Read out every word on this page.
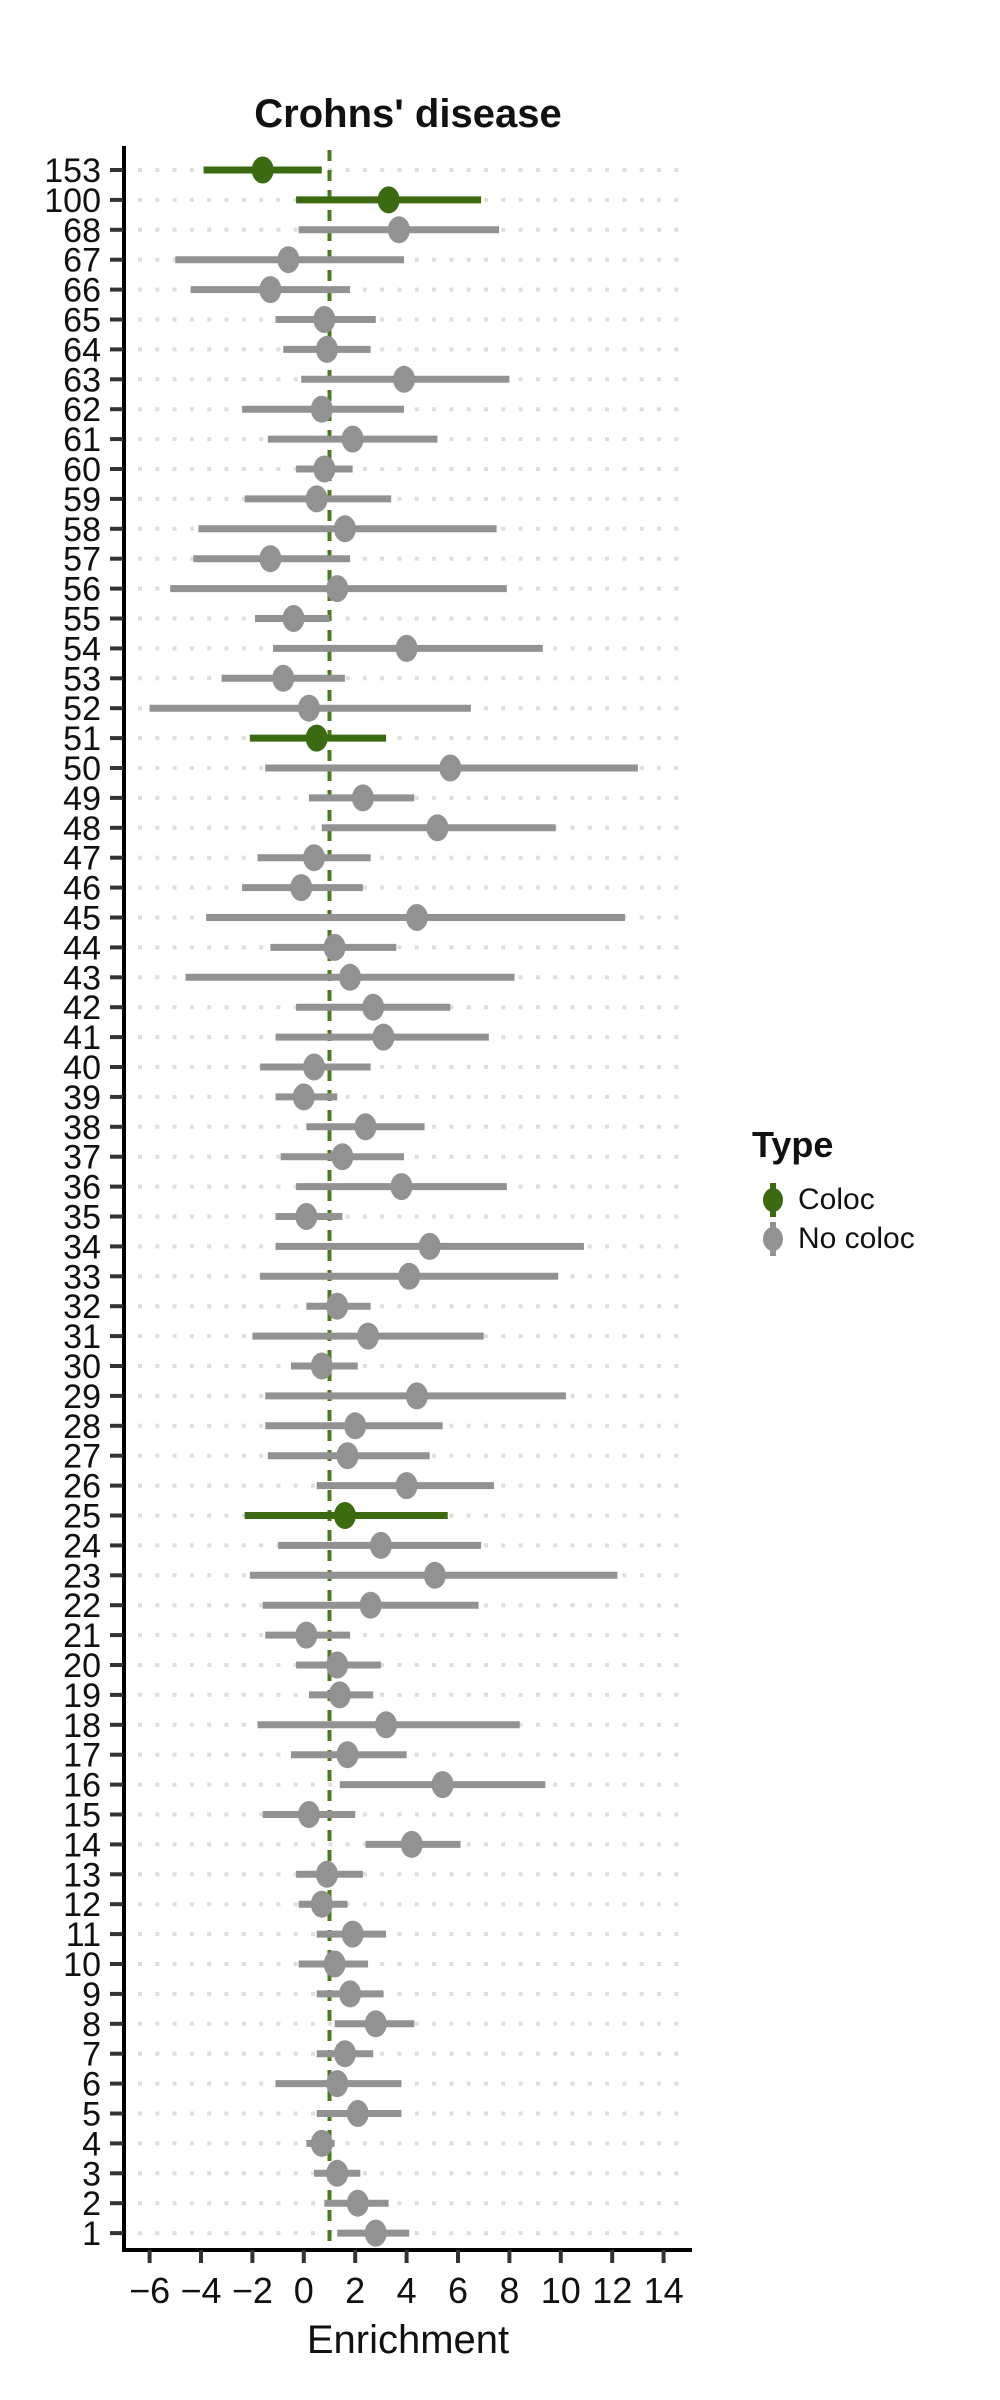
153
100
68
67
66
65
64
63
62
61
60
59
58
57
56
55
54
53
52
51
50
49
48
47
46
45
44
43
42
41
40
39
38
37
36
35
34
33
32
31
30
29
28
27
26
25
24
23
22
21
20
19
18
17
16
15
14
13
12
11
10
9
8
7
6
5
4
3
2
1
−6 −4 −2 0 2 4 6 8 10 12 14
Crohns' disease
Enrichment
Type
Coloc
No coloc
